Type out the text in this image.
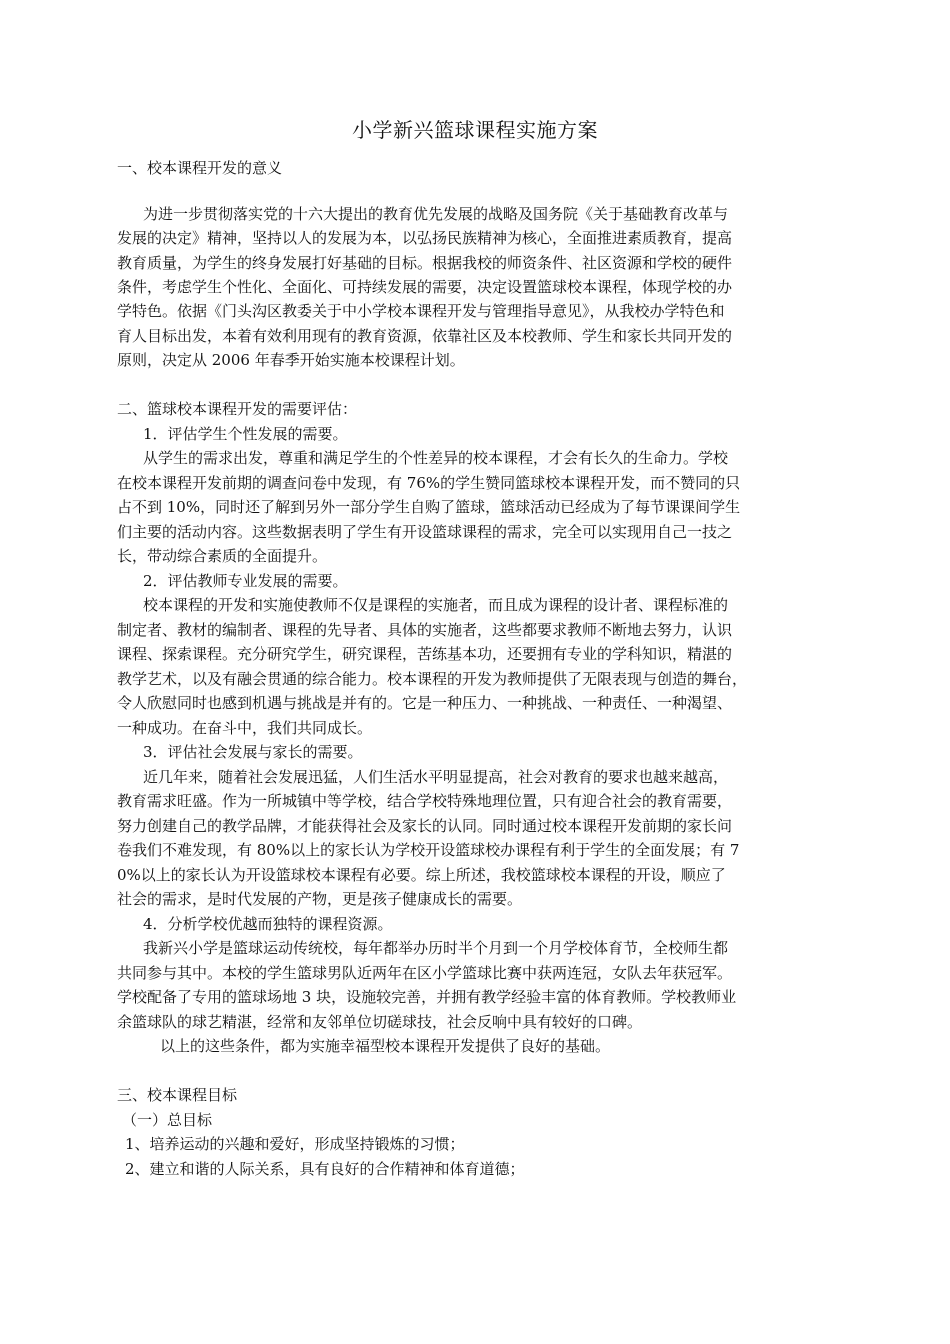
小学新兴篮球课程实施方案
一、校本课程开发的意义
为进一步贯彻落实党的十六大提出的教育优先发展的战略及国务院《关于基础教育改革与
发展的决定》精神，坚持以人的发展为本，以弘扬民族精神为核心，全面推进素质教育，提高
教育质量，为学生的终身发展打好基础的目标。根据我校的师资条件、社区资源和学校的硬件
条件，考虑学生个性化、全面化、可持续发展的需要，决定设置篮球校本课程，体现学校的办
学特色。依据《门头沟区教委关于中小学校本课程开发与管理指导意见》，从我校办学特色和
育人目标出发，本着有效利用现有的教育资源，依靠社区及本校教师、学生和家长共同开发的
原则，决定从 2006 年春季开始实施本校课程计划。
二、篮球校本课程开发的需要评估：
1．评估学生个性发展的需要。
从学生的需求出发，尊重和满足学生的个性差异的校本课程，才会有长久的生命力。学校
在校本课程开发前期的调查问卷中发现，有 76%的学生赞同篮球校本课程开发，而不赞同的只
占不到 10%，同时还了解到另外一部分学生自购了篮球，篮球活动已经成为了每节课课间学生
们主要的活动内容。这些数据表明了学生有开设篮球课程的需求，完全可以实现用自己一技之
长，带动综合素质的全面提升。
2．评估教师专业发展的需要。
校本课程的开发和实施使教师不仅是课程的实施者，而且成为课程的设计者、课程标准的
制定者、教材的编制者、课程的先导者、具体的实施者，这些都要求教师不断地去努力，认识
课程、探索课程。充分研究学生，研究课程，苦练基本功，还要拥有专业的学科知识，精湛的
教学艺术，以及有融会贯通的综合能力。校本课程的开发为教师提供了无限表现与创造的舞台，
令人欣慰同时也感到机遇与挑战是并有的。它是一种压力、一种挑战、一种责任、一种渴望、
一种成功。在奋斗中，我们共同成长。
3．评估社会发展与家长的需要。
近几年来，随着社会发展迅猛，人们生活水平明显提高，社会对教育的要求也越来越高，
教育需求旺盛。作为一所城镇中等学校，结合学校特殊地理位置，只有迎合社会的教育需要，
努力创建自己的教学品牌，才能获得社会及家长的认同。同时通过校本课程开发前期的家长问
卷我们不难发现，有 80%以上的家长认为学校开设篮球校办课程有利于学生的全面发展；有 7
0%以上的家长认为开设篮球校本课程有必要。综上所述，我校篮球校本课程的开设，顺应了
社会的需求，是时代发展的产物，更是孩子健康成长的需要。
4．分析学校优越而独特的课程资源。
我新兴小学是篮球运动传统校，每年都举办历时半个月到一个月学校体育节，全校师生都
共同参与其中。本校的学生篮球男队近两年在区小学篮球比赛中获两连冠，女队去年获冠军。
学校配备了专用的篮球场地 3 块，设施较完善，并拥有教学经验丰富的体育教师。学校教师业
余篮球队的球艺精湛，经常和友邻单位切磋球技，社会反响中具有较好的口碑。
以上的这些条件，都为实施幸福型校本课程开发提供了良好的基础。
三、校本课程目标
（一）总目标
1、培养运动的兴趣和爱好，形成坚持锻炼的习惯；
2、建立和谐的人际关系，具有良好的合作精神和体育道德；
